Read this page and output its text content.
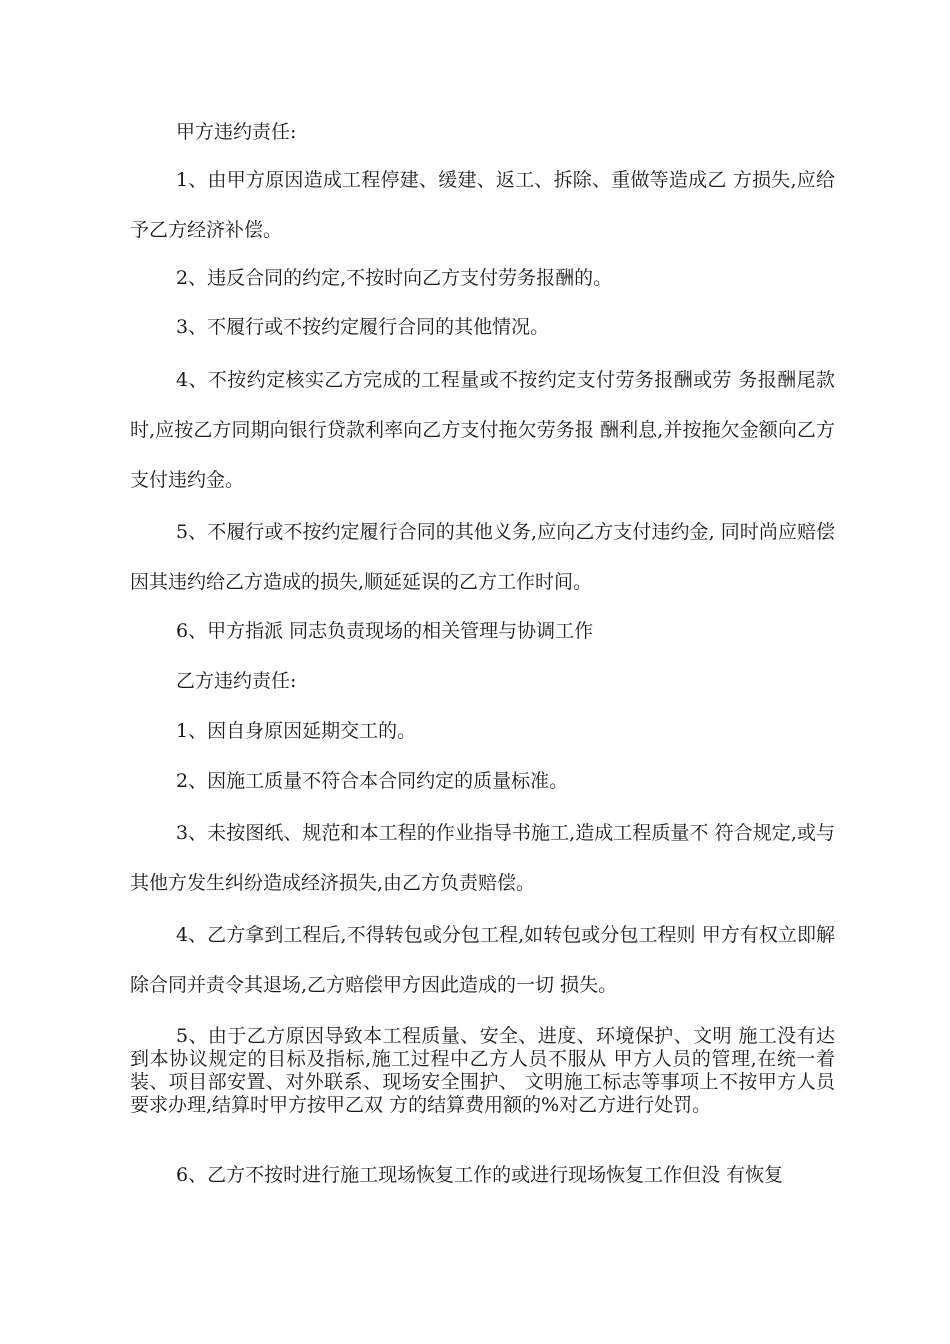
甲方违约责任:

1、由甲方原因造成工程停建、缓建、返工、拆除、重做等造成乙 方损失,应给予乙方经济补偿。

2、违反合同的约定,不按时向乙方支付劳务报酬的。

3、不履行或不按约定履行合同的其他情况。

4、不按约定核实乙方完成的工程量或不按约定支付劳务报酬或劳 务报酬尾款时,应按乙方同期向银行贷款利率向乙方支付拖欠劳务报 酬利息,并按拖欠金额向乙方支付违约金。

5、不履行或不按约定履行合同的其他义务,应向乙方支付违约金, 同时尚应赔偿因其违约给乙方造成的损失,顺延延误的乙方工作时间。

6、甲方指派 同志负责现场的相关管理与协调工作

乙方违约责任:

1、因自身原因延期交工的。

2、因施工质量不符合本合同约定的质量标准。

3、未按图纸、规范和本工程的作业指导书施工,造成工程质量不 符合规定,或与其他方发生纠纷造成经济损失,由乙方负责赔偿。

4、乙方拿到工程后,不得转包或分包工程,如转包或分包工程则 甲方有权立即解除合同并责令其退场,乙方赔偿甲方因此造成的一切 损失。

5、由于乙方原因导致本工程质量、安全、进度、环境保护、文明 施工没有达到本协议规定的目标及指标,施工过程中乙方人员不服从 甲方人员的管理,在统一着装、项目部安置、对外联系、现场安全围护、 文明施工标志等事项上不按甲方人员要求办理,结算时甲方按甲乙双 方的结算费用额的%对乙方进行处罚。

6、乙方不按时进行施工现场恢复工作的或进行现场恢复工作但没 有恢复
